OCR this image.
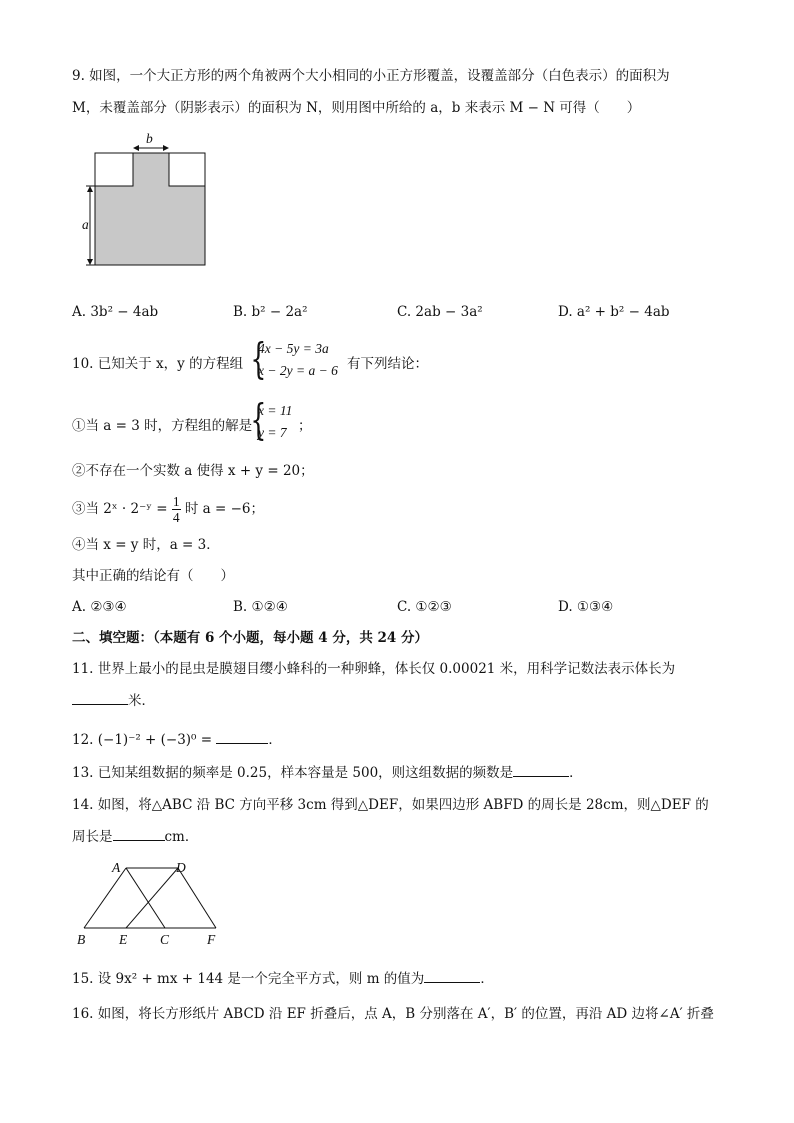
9. 如图，一个大正方形的两个角被两个大小相同的小正方形覆盖，设覆盖部分（白色表示）的面积为
M，未覆盖部分（阴影表示）的面积为 N，则用图中所给的 a，b 来表示 M − N 可得（　　）
b
a
A. 3b² − 4ab	B. b² − 2a²	C. 2ab − 3a²	D. a² + b² − 4ab
10. 已知关于 x，y 的方程组 {
4x − 5y = 3a
x − 2y = a − 6 有下列结论：
①当 a = 3 时，方程组的解是
{
x = 11
y = 7 ；
②不存在一个实数 a 使得 x + y = 20；
③当 2ˣ · 2⁻ʸ = $\frac{1}{4}$ 时 a = −6；
④当 x = y 时，a = 3．
其中正确的结论有（　　）
A. ②③④	B. ①②④	C. ①②③	D. ①③④
二、填空题：（本题有 6 个小题，每小题 4 分，共 24 分）
11. 世界上最小的昆虫是膜翅目缨小蜂科的一种卵蜂，体长仅 0.00021 米，用科学记数法表示体长为
米．
12. (−1)⁻² + (−3)⁰ =	．
13. 已知某组数据的频率是 0.25，样本容量是 500，则这组数据的频数是	．
14. 如图，将△ABC 沿 BC 方向平移 3cm 得到△DEF，如果四边形 ABFD 的周长是 28cm，则△DEF 的
周长是	cm．
A	D
B	E C	F
15. 设 9x² + mx + 144 是一个完全平方式，则 m 的值为	．
16. 如图，将长方形纸片 ABCD 沿 EF 折叠后，点 A，B 分别落在 A′，B′ 的位置，再沿 AD 边将∠A′ 折叠
